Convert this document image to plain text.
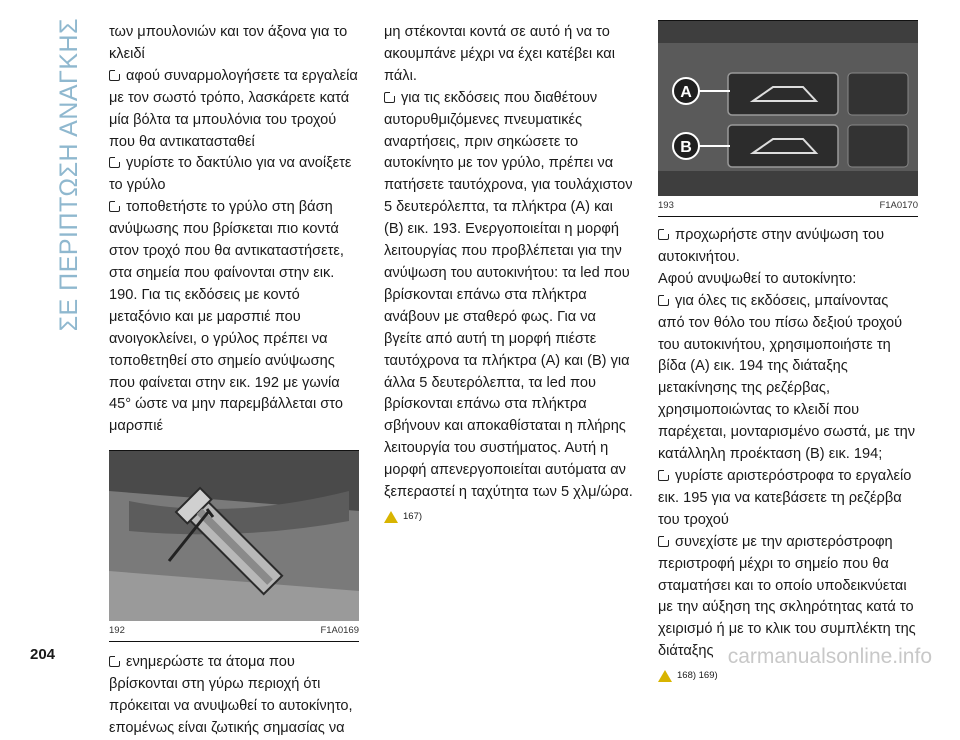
ΣΕ ΠΕΡΙΠΤΩΣΗ ΑΝΑΓΚΗΣ των μπουλονιών και τον άξονα για το κλειδί

αφού συναρμολογήσετε τα εργαλεία με τον σωστό τρόπο, λασκάρετε κατά μία βόλτα τα μπουλόνια του τροχού που θα αντικατασταθεί

γυρίστε το δακτύλιο για να ανοίξετε το γρύλο

τοποθετήστε το γρύλο στη βάση ανύψωσης που βρίσκεται πιο κοντά στον τροχό που θα αντικαταστήσετε, στα σημεία που φαίνονται στην εικ. 190. Για τις εκδόσεις με κοντό μεταξόνιο και με μαρσπιέ που ανοιγοκλείνει, ο γρύλος πρέπει να τοποθετηθεί στο σημείο ανύψωσης που φαίνεται στην εικ. 192 με γωνία 45° ώστε να μην παρεμβάλλεται στο μαρσπιέ

192	F1A0169

ενημερώστε τα άτομα που βρίσκονται στη γύρω περιοχή ότι πρόκειται να ανυψωθεί το αυτοκίνητο, επομένως είναι ζωτικής σημασίας να

μη στέκονται κοντά σε αυτό ή να το ακουμπάνε μέχρι να έχει κατέβει και πάλι.

για τις εκδόσεις που διαθέτουν αυτορυθμιζόμενες πνευματικές αναρτήσεις, πριν σηκώσετε το αυτοκίνητο με τον γρύλο, πρέπει να πατήσετε ταυτόχρονα, για τουλάχιστον 5 δευτερόλεπτα, τα πλήκτρα (A) και (B) εικ. 193. Ενεργοποιείται η μορφή λειτουργίας που προβλέπεται για την ανύψωση του αυτοκινήτου: τα led που βρίσκονται επάνω στα πλήκτρα ανάβουν με σταθερό φως. Για να βγείτε από αυτή τη μορφή πιέστε ταυτόχρονα τα πλήκτρα (A) και (B) για άλλα 5 δευτερόλεπτα, τα led που βρίσκονται επάνω στα πλήκτρα σβήνουν και αποκαθίσταται η πλήρης λειτουργία του συστήματος. Αυτή η μορφή απενεργοποιείται αυτόματα αν ξεπεραστεί η ταχύτητα των 5 χλμ/ώρα.

167)
A
B
193	F1A0170

προχωρήστε στην ανύψωση του αυτοκινήτου.

Αφού ανυψωθεί το αυτοκίνητο:

για όλες τις εκδόσεις, μπαίνοντας από τον θόλο του πίσω δεξιού τροχού του αυτοκινήτου, χρησιμοποιήστε τη βίδα (A) εικ. 194 της διάταξης μετακίνησης της ρεζέρβας, χρησιμοποιώντας το κλειδί που παρέχεται, μονταρισμένο σωστά, με την κατάλληλη προέκταση (B) εικ. 194;

γυρίστε αριστερόστροφα το εργαλείο εικ. 195 για να κατεβάσετε τη ρεζέρβα του τροχού

συνεχίστε με την αριστερόστροφη περιστροφή μέχρι το σημείο που θα σταματήσει και το οποίο υποδεικνύεται με την αύξηση της σκληρότητας κατά το χειρισμό ή με το κλικ του συμπλέκτη της διάταξης

168) 169)
204	carmanualsonline.info
